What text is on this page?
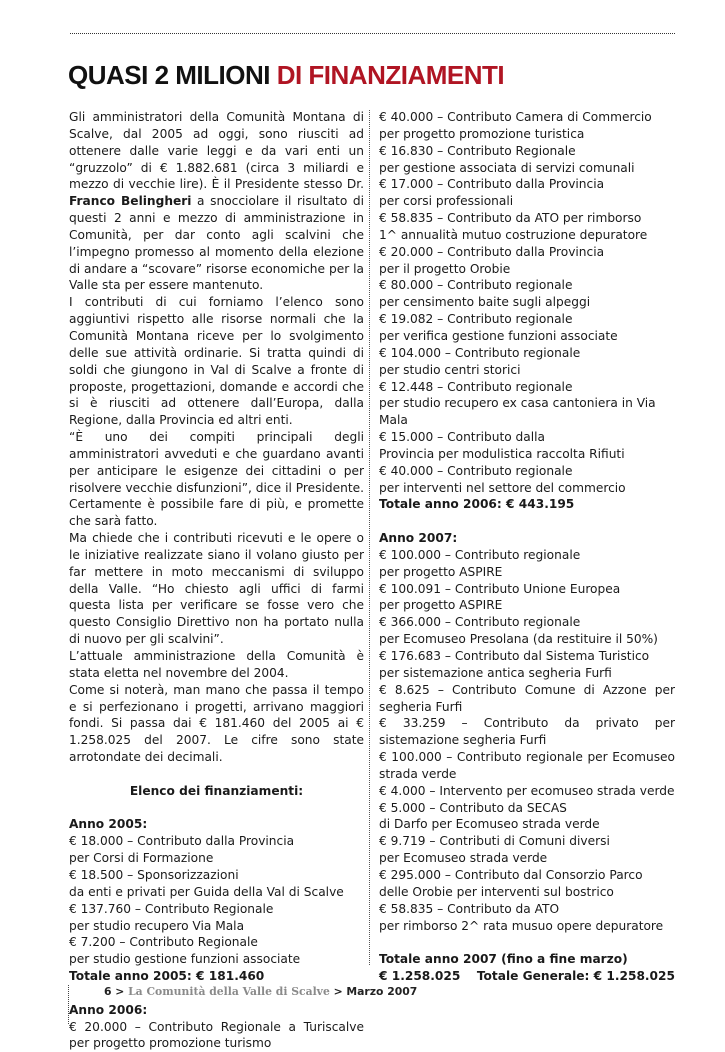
QUASI 2 MILIONI DI FINANZIAMENTI

Gli amministratori della Comunità Montana di Scalve, dal 2005 ad oggi, sono riusciti ad ottenere dalle varie leggi e da vari enti un “gruzzolo” di € 1.882.681 (circa 3 miliardi e mezzo di vecchie lire). È il Presidente stesso Dr. Franco Belingheri a snocciolare il risultato di questi 2 anni e mezzo di amministrazione in Comunità, per dar conto agli scalvini che l’impegno promesso al momento della elezione di andare a “scovare” risorse economiche per la Valle sta per essere mantenuto.

I contributi di cui forniamo l’elenco sono aggiuntivi rispetto alle risorse normali che la Comunità Montana riceve per lo svolgimento delle sue attività ordinarie. Si tratta quindi di soldi che giungono in Val di Scalve a fronte di proposte, progettazioni, domande e accordi che si è riusciti ad ottenere dall’Europa, dalla Regione, dalla Provincia ed altri enti.

“È uno dei compiti principali degli amministratori avveduti e che guardano avanti per anticipare le esigenze dei cittadini o per risolvere vecchie disfunzioni”, dice il Presidente. Certamente è possibile fare di più, e promette che sarà fatto.

Ma chiede che i contributi ricevuti e le opere o le iniziative realizzate siano il volano giusto per far mettere in moto meccanismi di sviluppo della Valle. “Ho chiesto agli uffici di farmi questa lista per verificare se fosse vero che questo Consiglio Direttivo non ha portato nulla di nuovo per gli scalvini”.

L’attuale amministrazione della Comunità è stata eletta nel novembre del 2004.

Come si noterà, man mano che passa il tempo e si perfezionano i progetti, arrivano maggiori fondi. Si passa dai € 181.460 del 2005 ai € 1.258.025 del 2007. Le cifre sono state arrotondate dei decimali.

Elenco dei finanziamenti:

Anno 2005:

€ 18.000 – Contributo dalla Provincia

per Corsi di Formazione

€ 18.500 – Sponsorizzazioni

da enti e privati per Guida della Val di Scalve

€ 137.760 – Contributo Regionale

per studio recupero Via Mala

€ 7.200 – Contributo Regionale

per studio gestione funzioni associate

Totale anno 2005: € 181.460

Anno 2006:

€ 20.000 – Contributo Regionale a Turiscalve per progetto promozione turismo

€ 40.000 – Contributo Camera di Commercio

per progetto promozione turistica

€ 16.830 – Contributo Regionale

per gestione associata di servizi comunali

€ 17.000 – Contributo dalla Provincia

per corsi professionali

€ 58.835 – Contributo da ATO per rimborso

1^ annualità mutuo costruzione depuratore

€ 20.000 – Contributo dalla Provincia

per il progetto Orobie

€ 80.000 – Contributo regionale

per censimento baite sugli alpeggi

€ 19.082 – Contributo regionale

per verifica gestione funzioni associate

€ 104.000 – Contributo regionale

per studio centri storici

€ 12.448 – Contributo regionale

per studio recupero ex casa cantoniera in Via Mala

€ 15.000 – Contributo dalla

Provincia per modulistica raccolta Rifiuti

€ 40.000 – Contributo regionale

per interventi nel settore del commercio

Totale anno 2006: € 443.195

Anno 2007:

€ 100.000 – Contributo regionale

per progetto ASPIRE

€ 100.091 – Contributo Unione Europea

per progetto ASPIRE

€ 366.000 – Contributo regionale

per Ecomuseo Presolana (da restituire il 50%)

€ 176.683 – Contributo dal Sistema Turistico

per sistemazione antica segheria Furfi

€ 8.625 – Contributo Comune di Azzone per segheria Furfi

€ 33.259 – Contributo da privato per sistemazione segheria Furfi

€ 100.000 – Contributo regionale per Ecomuseo strada verde

€ 4.000 – Intervento per ecomuseo strada verde

€ 5.000 – Contributo da SECAS

di Darfo per Ecomuseo strada verde

€ 9.719 – Contributi di Comuni diversi

per Ecomuseo strada verde

€ 295.000 – Contributo dal Consorzio Parco

delle Orobie per interventi sul bostrico

€ 58.835 – Contributo da ATO

per rimborso 2^ rata musuo opere depuratore

Totale anno 2007 (fino a fine marzo)

€ 1.258.025 Totale Generale: € 1.258.025

6 > La Comunità della Valle di Scalve > Marzo 2007
